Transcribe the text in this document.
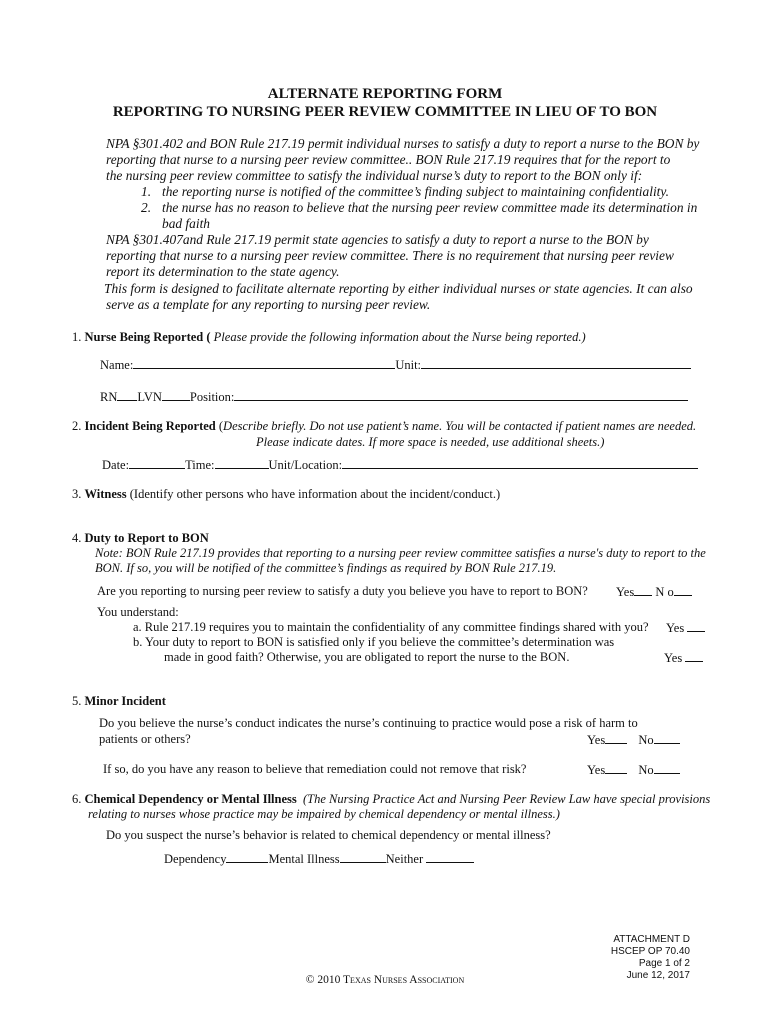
ALTERNATE REPORTING FORM
REPORTING TO NURSING PEER REVIEW COMMITTEE IN LIEU OF TO BON
NPA §301.402 and BON Rule 217.19 permit individual nurses to satisfy a duty to report a nurse to the BON by
reporting that nurse to a nursing peer review committee.. BON Rule 217.19 requires that for the report to
the nursing peer review committee to satisfy the individual nurse’s duty to report to the BON only if:
1. the reporting nurse is notified of the committee’s finding subject to maintaining confidentiality.
2. the nurse has no reason to believe that the nursing peer review committee made its determination in
bad faith
NPA §301.407and Rule 217.19 permit state agencies to satisfy a duty to report a nurse to the BON by
reporting that nurse to a nursing peer review committee. There is no requirement that nursing peer review
report its determination to the state agency.
This form is designed to facilitate alternate reporting by either individual nurses or state agencies. It can also
serve as a template for any reporting to nursing peer review.
1. Nurse Being Reported ( Please provide the following information about the Nurse being reported.)
Name:	Unit:
RN LVN Position:
2. Incident Being Reported (Describe briefly. Do not use patient’s name. You will be contacted if patient names are needed.
Please indicate dates. If more space is needed, use additional sheets.)
Date:	Time:	Unit/Location:
3. Witness (Identify other persons who have information about the incident/conduct.)
4. Duty to Report to BON
Note: BON Rule 217.19 provides that reporting to a nursing peer review committee satisfies a nurse's duty to report to the
BON. If so, you will be notified of the committee’s findings as required by BON Rule 217.19.
Are you reporting to nursing peer review to satisfy a duty you believe you have to report to BON? Yes N o
You understand:
a. Rule 217.19 requires you to maintain the confidentiality of any committee findings shared with you? Yes
b. Your duty to report to BON is satisfied only if you believe the committee’s determination was
made in good faith? Otherwise, you are obligated to report the nurse to the BON.	Yes
5. Minor Incident
Do you believe the nurse’s conduct indicates the nurse’s continuing to practice would pose a risk of harm to
patients or others?	Yes	No
If so, do you have any reason to believe that remediation could not remove that risk?	Yes	No
6. Chemical Dependency or Mental Illness (The Nursing Practice Act and Nursing Peer Review Law have special provisions
relating to nurses whose practice may be impaired by chemical dependency or mental illness.)
Do you suspect the nurse’s behavior is related to chemical dependency or mental illness?
Dependency	Mental Illness	Neither
ATTACHMENT D
HSCEP OP 70.40
Page 1 of 2
June 12, 2017
© 2010 Texas Nurses Association
